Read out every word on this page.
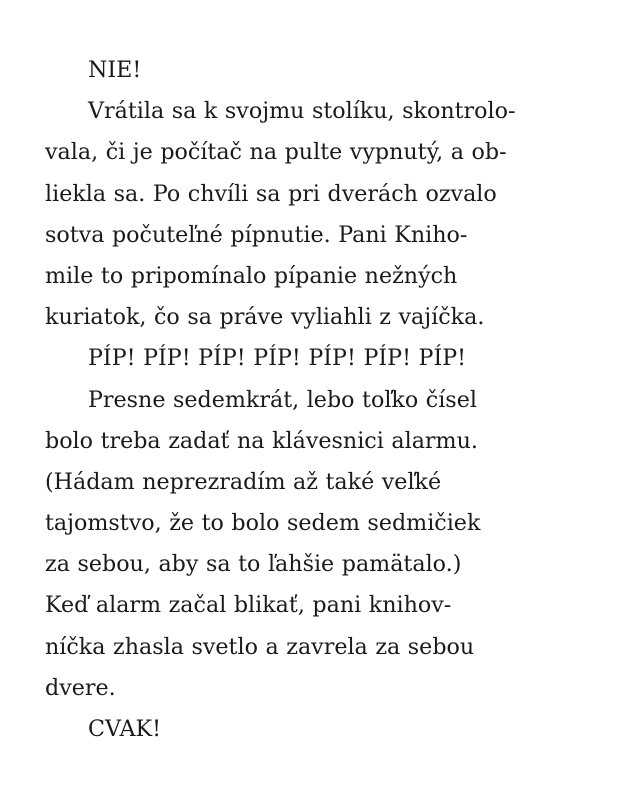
NIE!
Vrátila sa k svojmu stolíku, skontrolo-
vala, či je počítač na pulte vypnutý, a ob-
liekla sa. Po chvíli sa pri dverách ozvalo
sotva počuteľné pípnutie. Pani Kniho-
mile to pripomínalo pípanie nežných
kuriatok, čo sa práve vyliahli z vajíčka.
PÍP! PÍP! PÍP! PÍP! PÍP! PÍP! PÍP!
Presne sedemkrát, lebo toľko čísel
bolo treba zadať na klávesnici alarmu.
(Hádam neprezradím až také veľké
tajomstvo, že to bolo sedem sedmičiek
za sebou, aby sa to ľahšie pamätalo.)
Keď alarm začal blikať, pani knihov-
níčka zhasla svetlo a zavrela za sebou
dvere.
CVAK!
